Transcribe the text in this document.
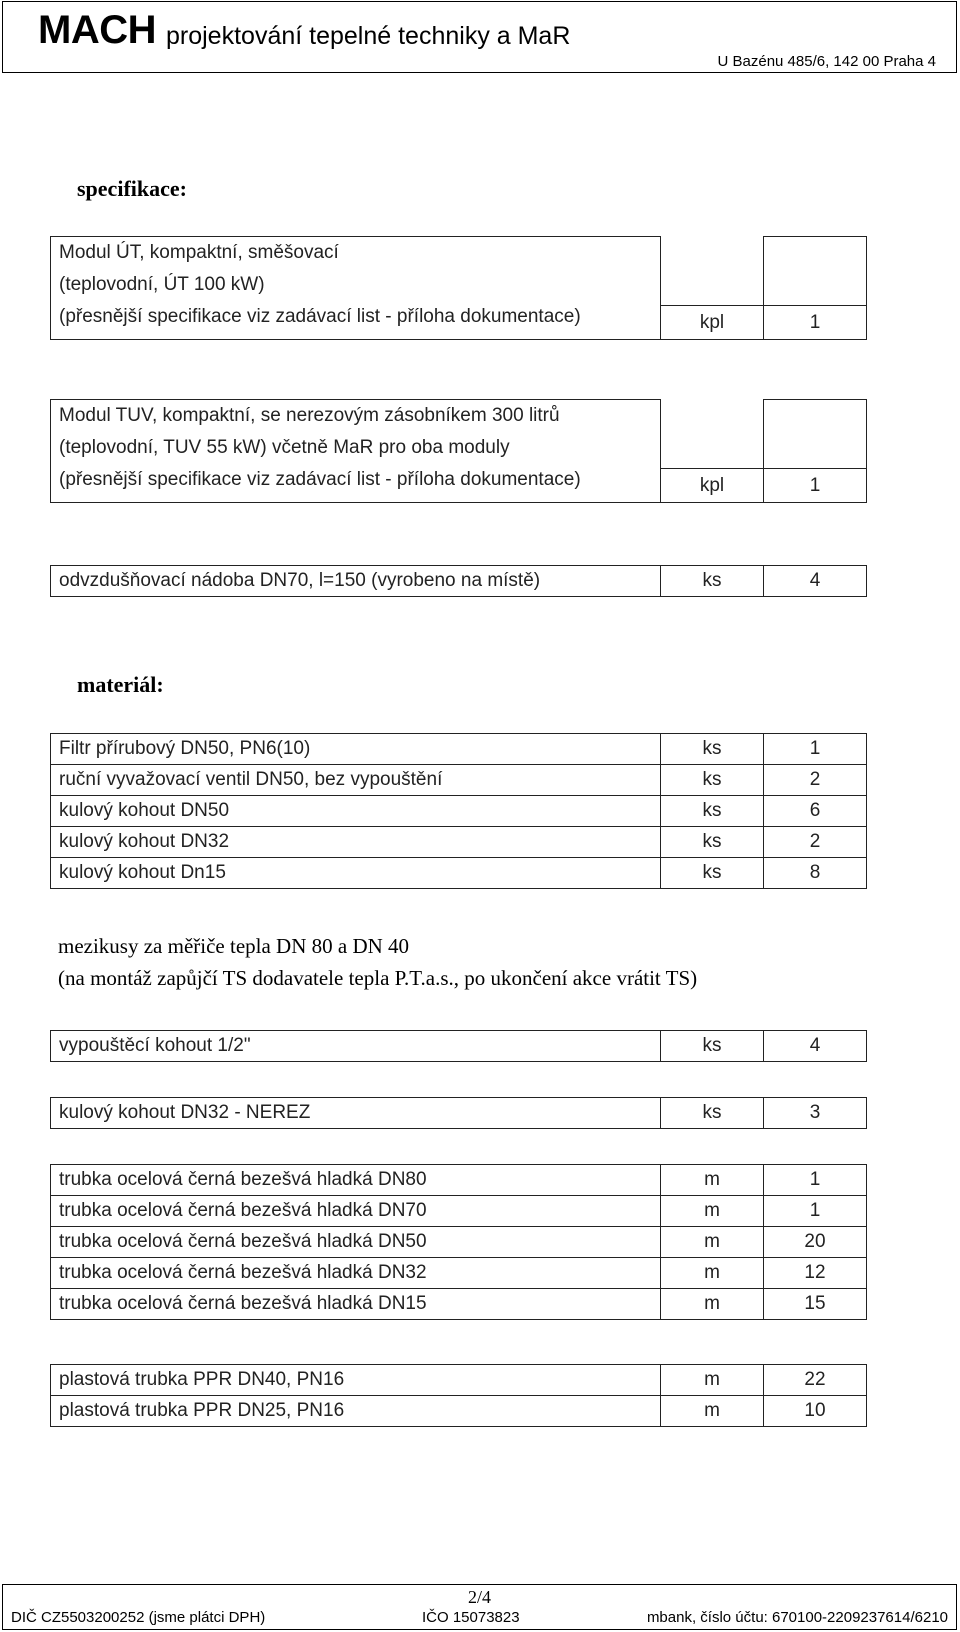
MACH projektování tepelné techniky a MaR
U Bazénu 485/6, 142 00 Praha 4
specifikace:
Modul ÚT, kompaktní, směšovací
(teplovodní, ÚT 100 kW)
(přesnější specifikace viz zadávací list - příloha dokumentace)		

	kpl	1
Modul TUV, kompaktní, se nerezovým zásobníkem 300 litrů
(teplovodní, TUV 55 kW) včetně MaR pro oba moduly
(přesnější specifikace viz zadávací list - příloha dokumentace)		

	kpl	1
odvzdušňovací nádoba DN70, l=150 (vyrobeno na místě)	ks	4
materiál:
Filtr přírubový DN50, PN6(10)	ks	1
ruční vyvažovací ventil DN50, bez vypouštění	ks	2
kulový kohout DN50	ks	6
kulový kohout DN32	ks	2
kulový kohout Dn15	ks	8
mezikusy za měřiče tepla DN 80 a DN 40
(na montáž zapůjčí TS dodavatele tepla P.T.a.s., po ukončení akce vrátit TS)
vypouštěcí kohout 1/2"	ks	4
kulový kohout DN32 - NEREZ	ks	3
trubka ocelová černá bezešvá hladká DN80	m	1
trubka ocelová černá bezešvá hladká DN70	m	1
trubka ocelová černá bezešvá hladká DN50	m	20
trubka ocelová černá bezešvá hladká DN32	m	12
trubka ocelová černá bezešvá hladká DN15	m	15
plastová trubka PPR DN40, PN16	m	22
plastová trubka PPR DN25, PN16	m	10
2/4
DIČ CZ5503200252 (jsme plátci DPH)	IČO 15073823	mbank, číslo účtu: 670100-2209237614/6210
